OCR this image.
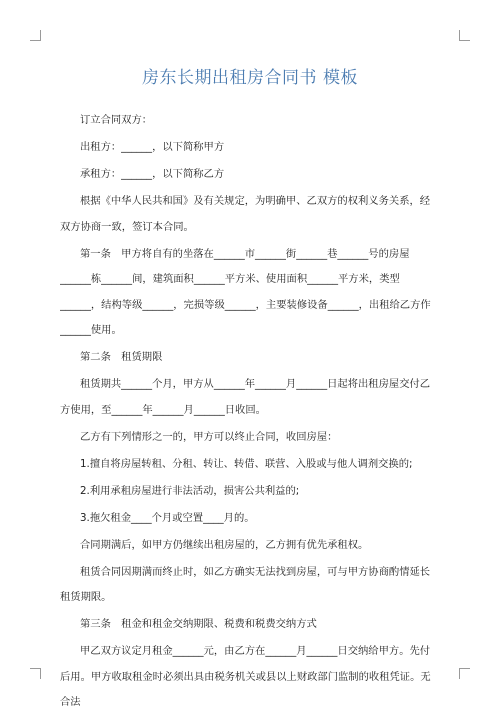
房东长期出租房合同书 模板

订立合同双方：

出租方：______，以下简称甲方

承租方：______，以下简称乙方

根据《中华人民共和国》及有关规定，为明确甲、乙双方的权利义务关系，经双方协商一致，签订本合同。

第一条　甲方将自有的坐落在______市______街______巷______号的房屋______栋______间，建筑面积______平方米、使用面积______平方米，类型______，结构等级______，完损等级______，主要装修设备______，出租给乙方作______使用。

第二条　租赁期限

租赁期共______个月，甲方从______年______月______日起将出租房屋交付乙方使用，至______年______月______日收回。

乙方有下列情形之一的，甲方可以终止合同，收回房屋：

1.擅自将房屋转租、分租、转让、转借、联营、入股或与他人调剂交换的;

2.利用承租房屋进行非法活动，损害公共利益的;

3.拖欠租金____个月或空置____月的。

合同期满后，如甲方仍继续出租房屋的，乙方拥有优先承租权。

租赁合同因期满而终止时，如乙方确实无法找到房屋，可与甲方协商酌情延长租赁期限。

第三条　租金和租金交纳期限、税费和税费交纳方式

甲乙双方议定月租金______元，由乙方在______月______日交纳给甲方。先付后用。甲方收取租金时必须出具由税务机关或县以上财政部门监制的收租凭证。无合法
